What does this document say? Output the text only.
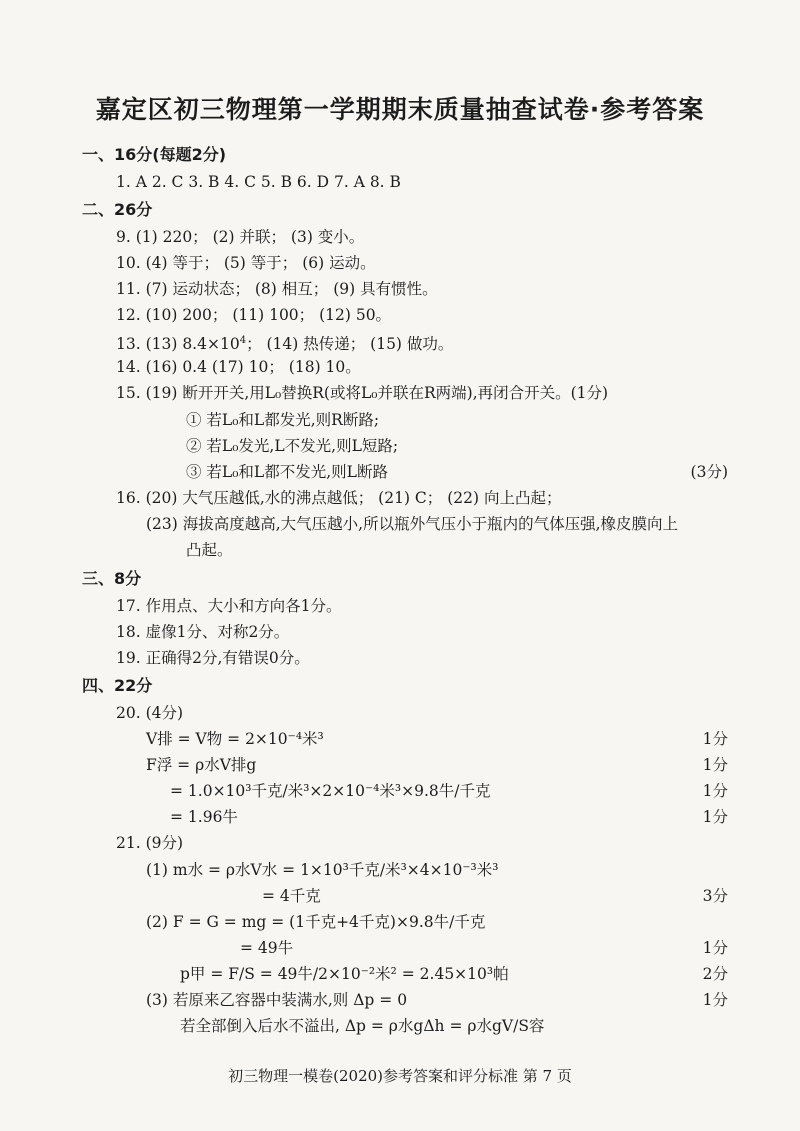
嘉定区初三物理第一学期期末质量抽查试卷·参考答案
一、16分(每题2分)
1. A 2. C 3. B 4. C 5. B 6. D 7. A 8. B
二、26分
9. (1) 220； (2) 并联； (3) 变小。
10. (4) 等于； (5) 等于； (6) 运动。
11. (7) 运动状态； (8) 相互； (9) 具有惯性。
12. (10) 200； (11) 100； (12) 50。
13. (13) $8.4\times 10^4$； (14) 热传递； (15) 做功。
14. (16) 0.4 (17) 10； (18) 10。
15. (19) 断开开关,用L₀替换R(或将L₀并联在R两端),再闭合开关。(1分)
① 若L₀和L都发光,则R断路;
② 若L₀发光,L不发光,则L短路;
③ 若L₀和L都不发光,则L断路	(3分)
16. (20) 大气压越低,水的沸点越低； (21) C； (22) 向上凸起；
(23) 海拔高度越高,大气压越小,所以瓶外气压小于瓶内的气体压强,橡皮膜向上
凸起。
三、8分
17. 作用点、大小和方向各1分。
18. 虚像1分、对称2分。
19. 正确得2分,有错误0分。
四、22分
20. (4分)
V排 = V物 = 2×10⁻⁴米³	1分
F浮 = ρ水V排g	1分
= 1.0×10³千克/米³×2×10⁻⁴米³×9.8牛/千克	1分
= 1.96牛	1分
21. (9分)
(1) m水 = ρ水V水 = 1×10³千克/米³×4×10⁻³米³
= 4千克	3分
(2) F = G = mg = (1千克+4千克)×9.8牛/千克
= 49牛	1分
p甲 = F/S = 49牛/2×10⁻²米² = 2.45×10³帕	2分
(3) 若原来乙容器中装满水,则 Δp = 0	1分
若全部倒入后水不溢出, Δp = ρ水gΔh = ρ水gV/S容
初三物理一模卷(2020)参考答案和评分标准 第 7 页
